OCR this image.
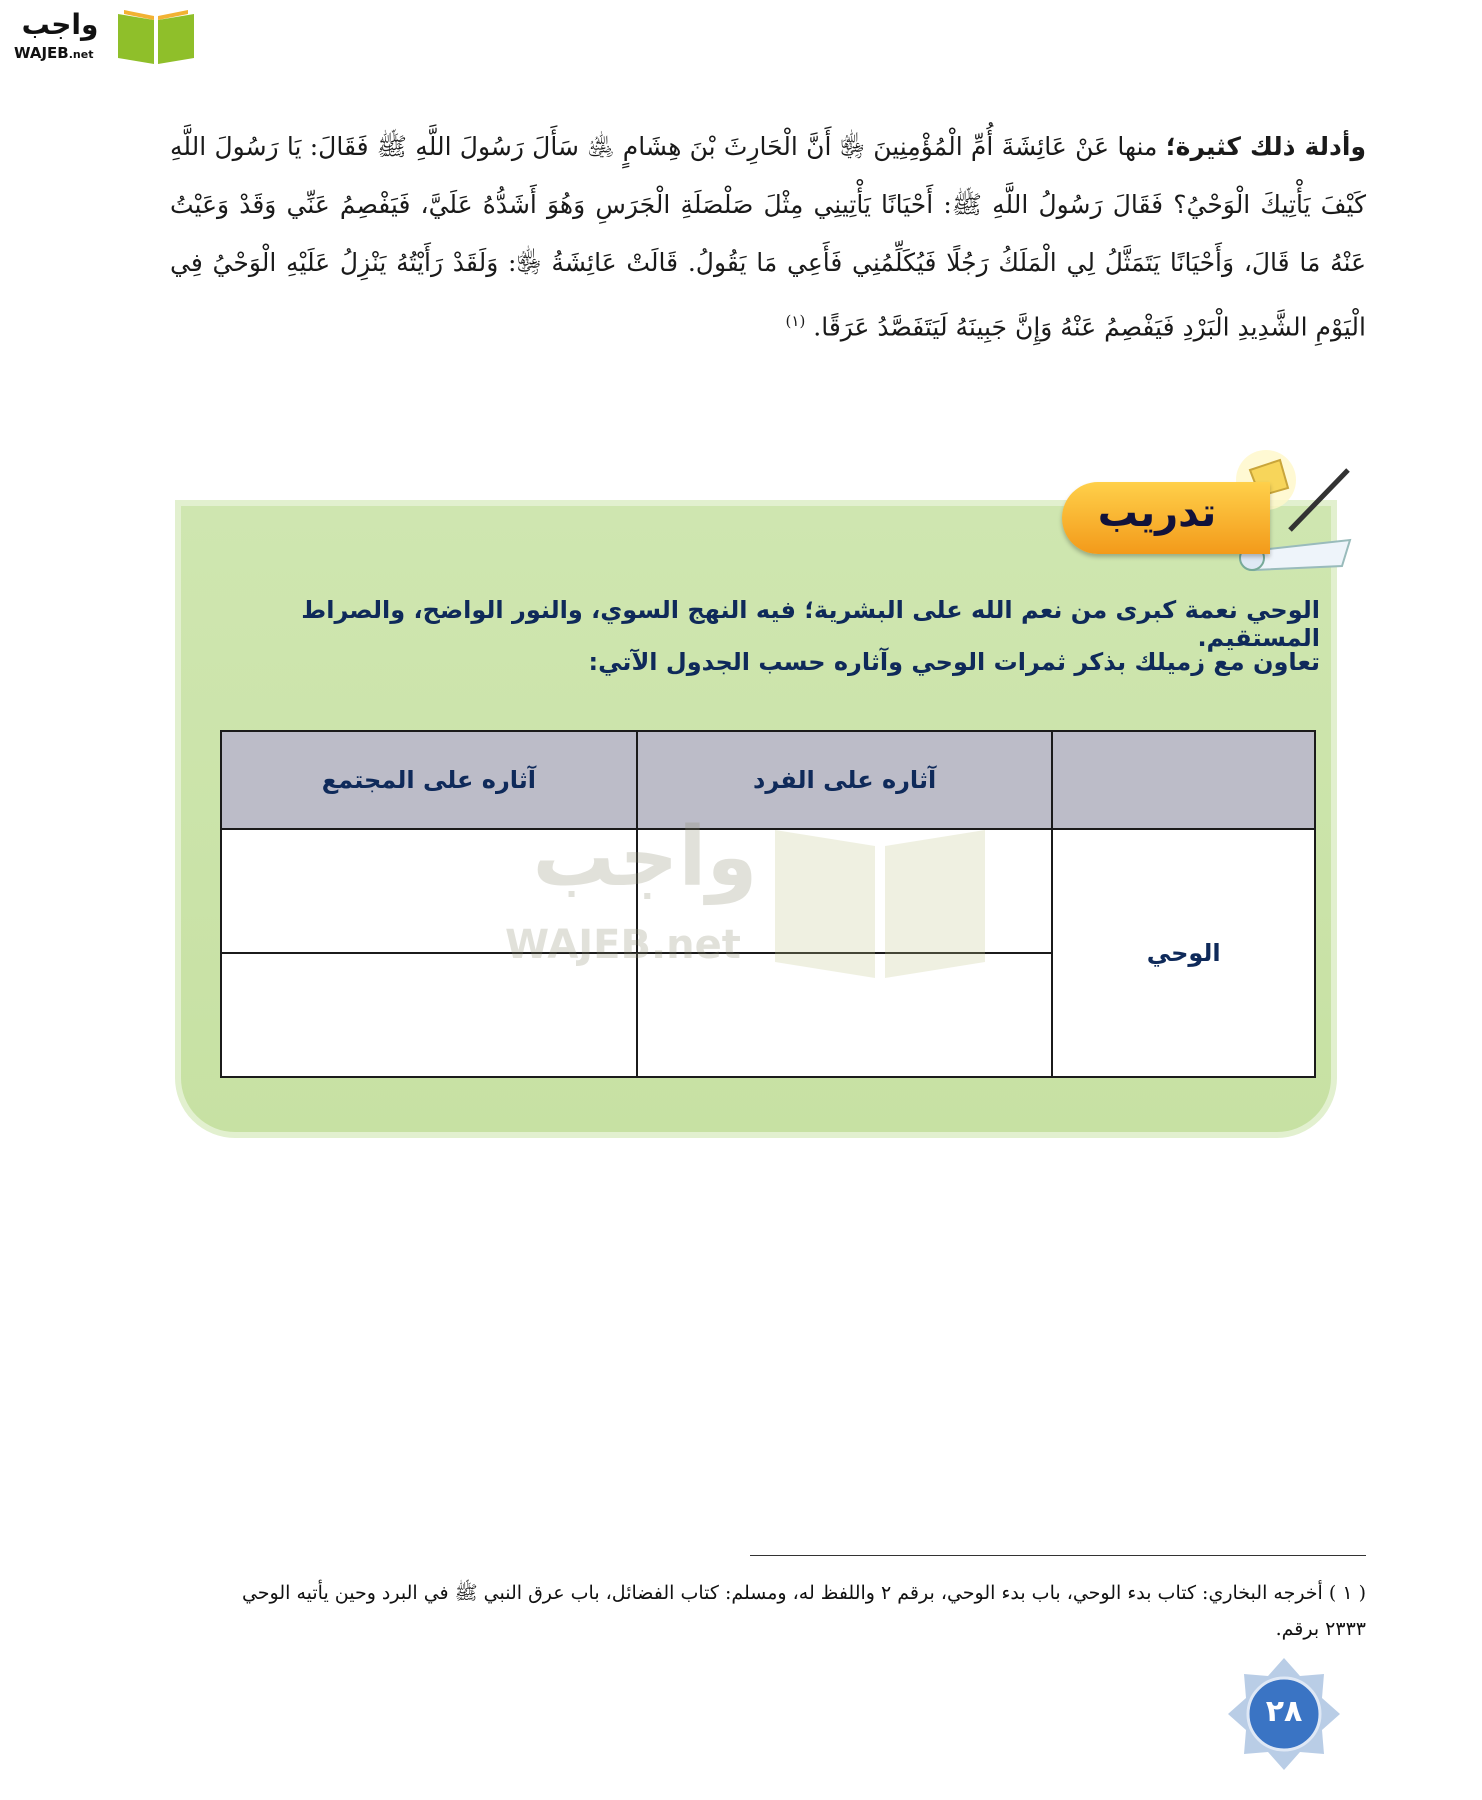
واجب
WAJEB.net
وأدلة ذلك كثيرة؛ منها عَنْ عَائِشَةَ أُمِّ الْمُؤْمِنِينَ ﵂ أَنَّ الْحَارِثَ بْنَ هِشَامٍ ﵁ سَأَلَ رَسُولَ اللَّهِ ﷺ فَقَالَ: يَا رَسُولَ اللَّهِ كَيْفَ يَأْتِيكَ الْوَحْيُ؟ فَقَالَ رَسُولُ اللَّهِ ﷺ: أَحْيَانًا يَأْتِينِي مِثْلَ صَلْصَلَةِ الْجَرَسِ وَهُوَ أَشَدُّهُ عَلَيَّ، فَيَفْصِمُ عَنِّي وَقَدْ وَعَيْتُ عَنْهُ مَا قَالَ، وَأَحْيَانًا يَتَمَثَّلُ لِي الْمَلَكُ رَجُلًا فَيُكَلِّمُنِي فَأَعِي مَا يَقُولُ. قَالَتْ عَائِشَةُ ﵂: وَلَقَدْ رَأَيْتُهُ يَنْزِلُ عَلَيْهِ الْوَحْيُ فِي الْيَوْمِ الشَّدِيدِ الْبَرْدِ فَيَفْصِمُ عَنْهُ وَإِنَّ جَبِينَهُ لَيَتَفَصَّدُ عَرَقًا. $^{(١)}$
تدريب
الوحي نعمة كبرى من نعم الله على البشرية؛ فيه النهج السوي، والنور الواضح، والصراط المستقيم.
تعاون مع زميلك بذكر ثمرات الوحي وآثاره حسب الجدول الآتي:
	آثاره على الفرد	آثاره على المجتمع
الوحي		

واجب
WAJEB.net
( ١ ) أخرجه البخاري: كتاب بدء الوحي، باب بدء الوحي، برقم ٢ واللفظ له، ومسلم: كتاب الفضائل، باب عرق النبي ﷺ في البرد وحين يأتيه الوحي ٢٣٣٣ برقم.
٢٨
